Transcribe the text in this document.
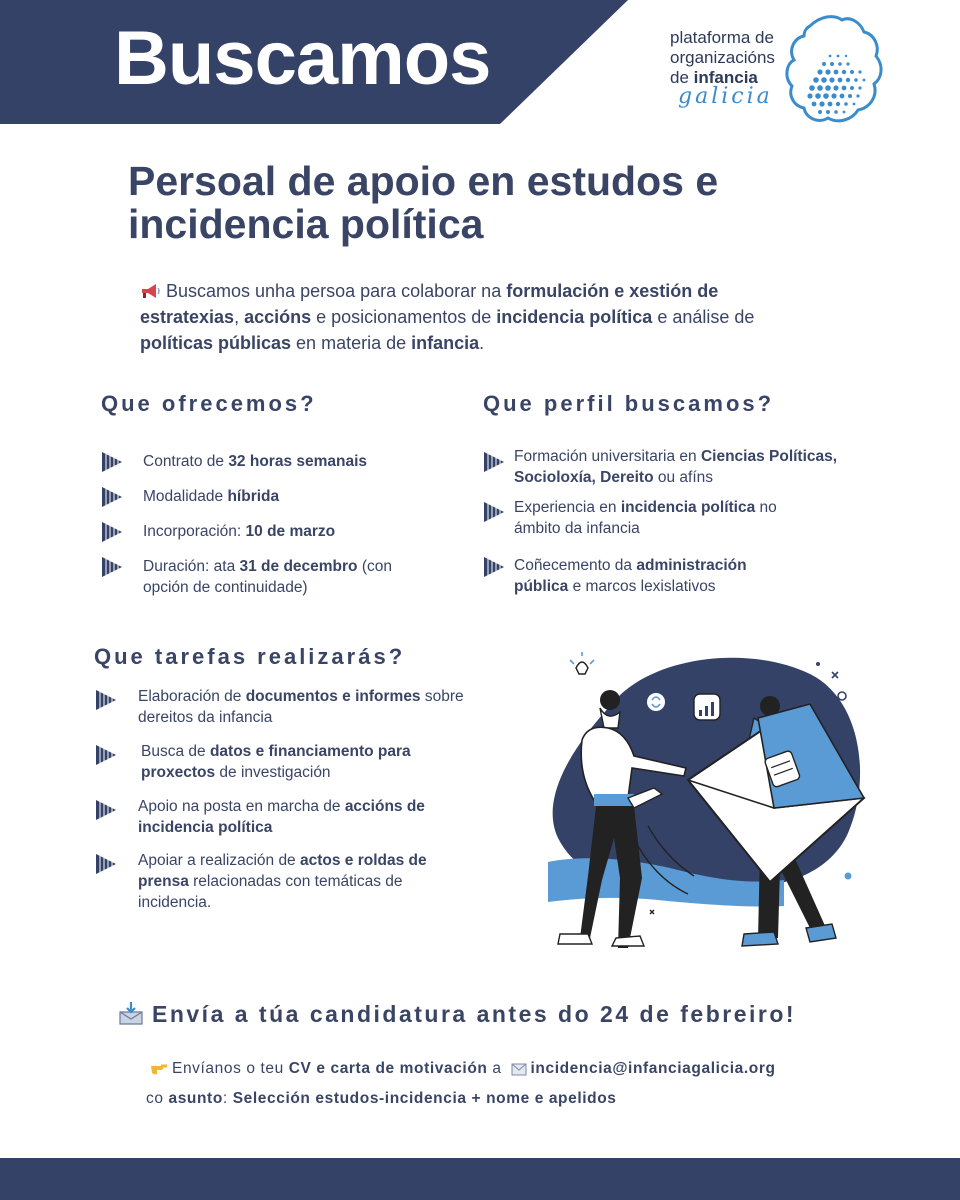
Buscamos	plataforma de
organizacións
de infancia
galicia
Persoal de apoio en estudos e incidencia política
Buscamos unha persoa para colaborar na formulación e xestión de estratexias, accións e posicionamentos de incidencia política e análise de políticas públicas en materia de infancia.
Que ofrecemos?
Contrato de 32 horas semanais
Modalidade híbrida
Incorporación: 10 de marzo
Duración: ata 31 de decembro (con opción de continuidade)
Que perfil buscamos?
Formación universitaria en Ciencias Políticas, Socioloxía, Dereito ou afíns
Experiencia en incidencia política no ámbito da infancia
Coñecemento da administración pública e marcos lexislativos
Que tarefas realizarás?
Elaboración de documentos e informes sobre dereitos da infancia
Busca de datos e financiamento para proxectos de investigación
Apoio na posta en marcha de accións de incidencia política
Apoiar a realización de actos e roldas de prensa relacionadas con temáticas de incidencia.
Envía a túa candidatura antes do 24 de febreiro!
Envíanos o teu CV e carta de motivación a incidencia@infanciagalicia.org
co asunto: Selección estudos-incidencia + nome e apelidos
